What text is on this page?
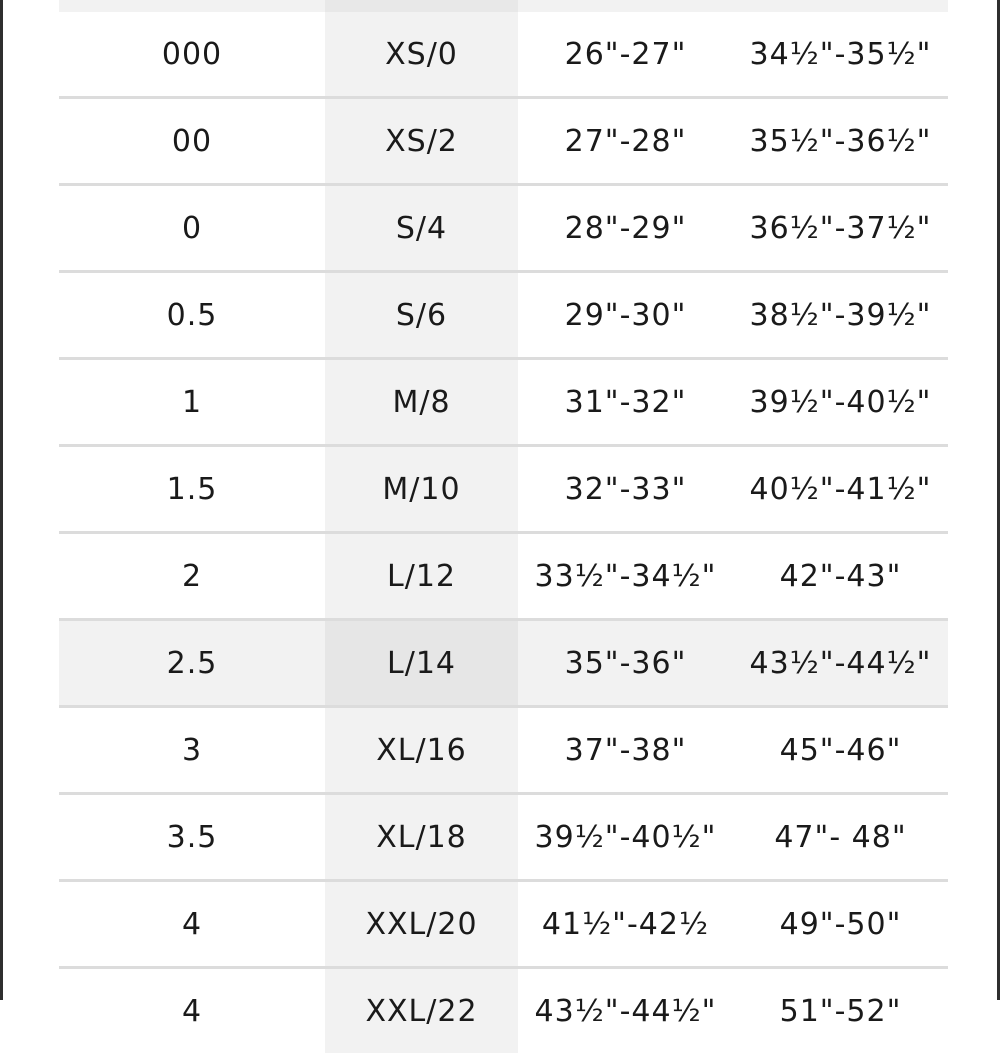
000	XS/0	26"-27"	34½"-35½"
00	XS/2	27"-28"	35½"-36½"
0	S/4	28"-29"	36½"-37½"
0.5	S/6	29"-30"	38½"-39½"
1	M/8	31"-32"	39½"-40½"
1.5	M/10	32"-33"	40½"-41½"
2	L/12	33½"-34½"	42"-43"
2.5	L/14	35"-36"	43½"-44½"
3	XL/16	37"-38"	45"-46"
3.5	XL/18	39½"-40½"	47"- 48"
4	XXL/20	41½"-42½	49"-50"
4	XXL/22	43½"-44½"	51"-52"
